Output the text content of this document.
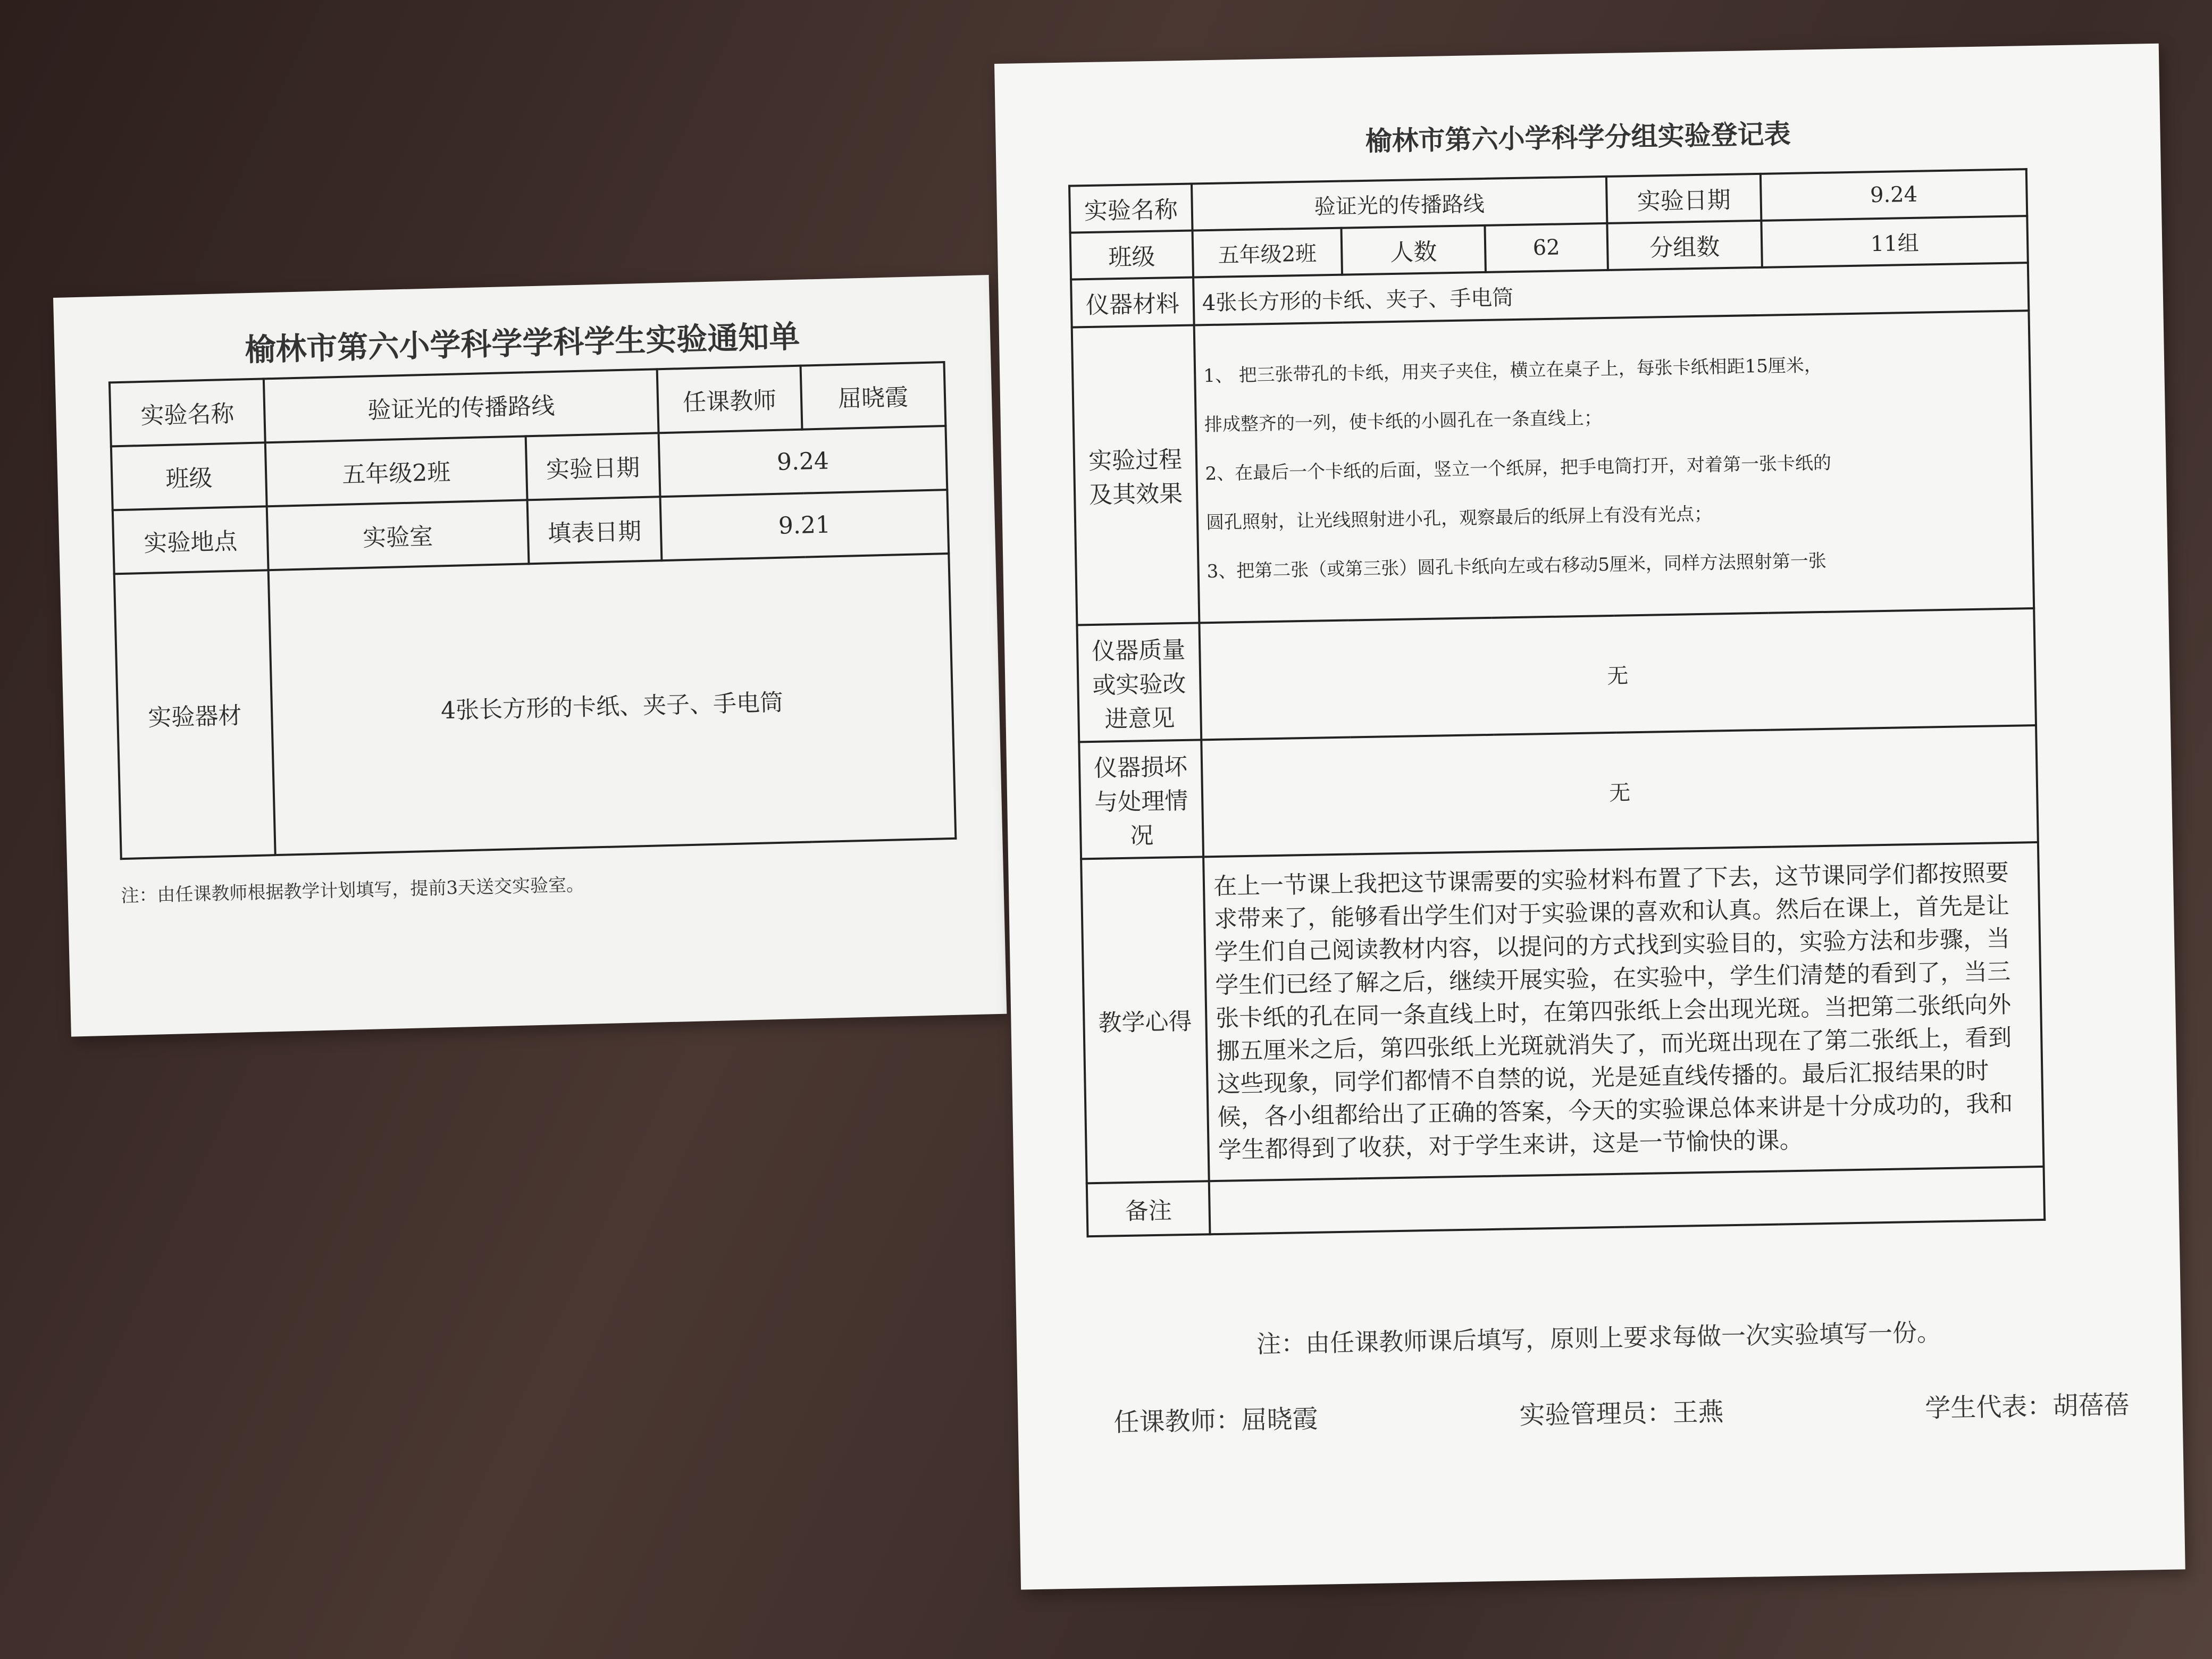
榆林市第六小学科学学科学生实验通知单
实验名称	验证光的传播路线		任课教师	屈晓霞
班级	五年级2班	实验日期	9.24	
实验地点	实验室	填表日期	9.21	
实验器材	4张长方形的卡纸、夹子、手电筒			
注：由任课教师根据教学计划填写，提前3天送交实验室。
榆林市第六小学科学分组实验登记表
实验名称	验证光的传播路线			实验日期	9.24
班级	五年级2班	人数	62	分组数	11组
仪器材料	4张长方形的卡纸、夹子、手电筒				
实验过程及其效果	1、 把三张带孔的卡纸，用夹子夹住，横立在桌子上，每张卡纸相距15厘米，

排成整齐的一列，使卡纸的小圆孔在一条直线上；

2、在最后一个卡纸的后面，竖立一个纸屏，把手电筒打开，对着第一张卡纸的

圆孔照射，让光线照射进小孔，观察最后的纸屏上有没有光点；

3、把第二张（或第三张）圆孔卡纸向左或右移动5厘米，同样方法照射第一张				

仪器质量或实验改进意见	无				
仪器损坏与处理情况	无				
教学心得	在上一节课上我把这节课需要的实验材料布置了下去，这节课同学们都按照要求带来了，能够看出学生们对于实验课的喜欢和认真。然后在课上，首先是让学生们自己阅读教材内容，以提问的方式找到实验目的，实验方法和步骤，当学生们已经了解之后，继续开展实验，在实验中，学生们清楚的看到了，当三张卡纸的孔在同一条直线上时，在第四张纸上会出现光斑。当把第二张纸向外挪五厘米之后，第四张纸上光斑就消失了，而光斑出现在了第二张纸上，看到这些现象，同学们都情不自禁的说，光是延直线传播的。最后汇报结果的时候，各小组都给出了正确的答案，今天的实验课总体来讲是十分成功的，我和学生都得到了收获，对于学生来讲，这是一节愉快的课。				
备注					
注：由任课教师课后填写，原则上要求每做一次实验填写一份。
任课教师：屈晓霞	实验管理员：王燕	学生代表：胡蓓蓓
